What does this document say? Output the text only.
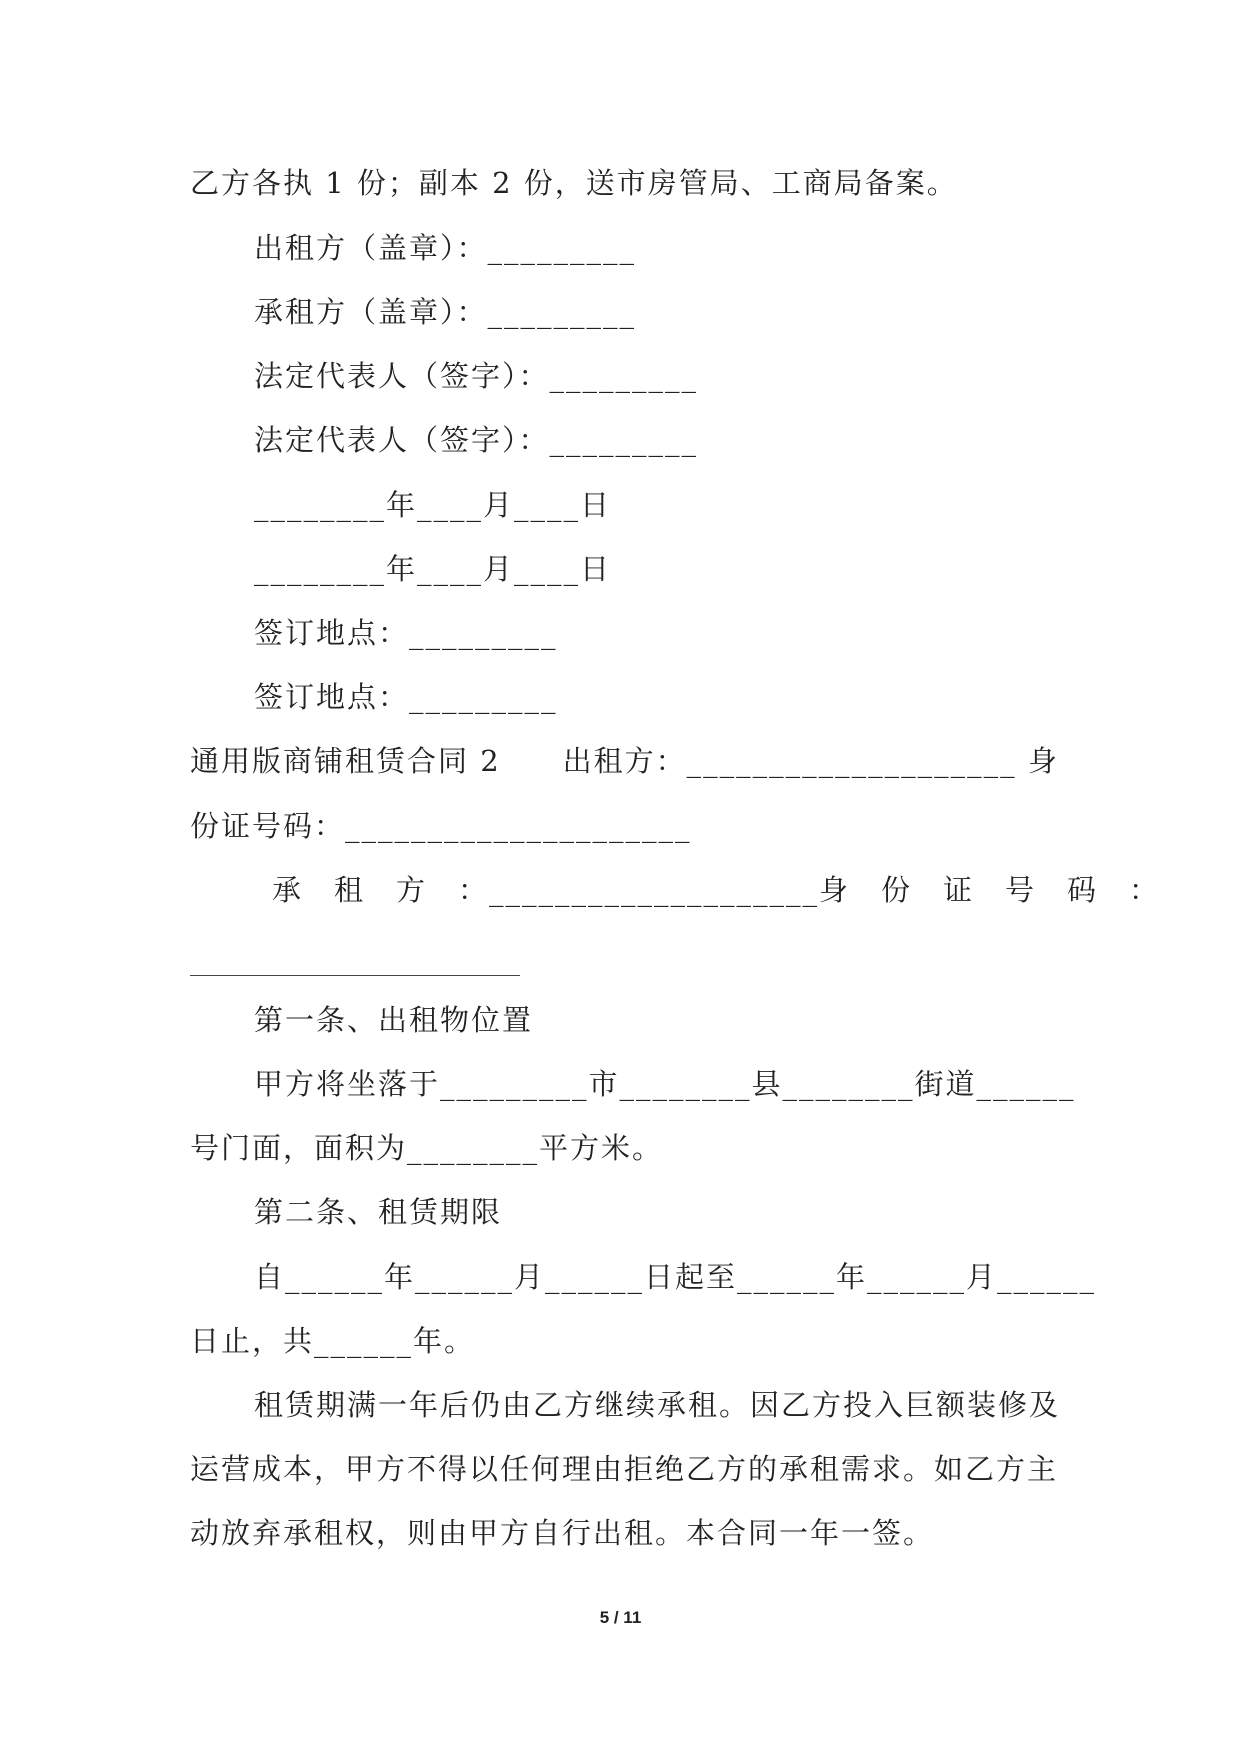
乙方各执 1 份；副本 2 份，送市房管局、工商局备案。
出租方（盖章）：_________
承租方（盖章）：_________
法定代表人（签字）：_________
法定代表人（签字）：_________
________年____月____日
________年____月____日
签订地点：_________
签订地点：_________
通用版商铺租赁合同 2　　出租方：____________________ 身
份证号码：_____________________
承　租　方　： ____________________ 身　份　证　号　码　：
第一条、出租物位置
甲方将坐落于_________市________县________街道______
号门面，面积为________平方米。
第二条、租赁期限
自______年______月______日起至______年______月______
日止，共______年。
租赁期满一年后仍由乙方继续承租。因乙方投入巨额装修及
运营成本，甲方不得以任何理由拒绝乙方的承租需求。如乙方主
动放弃承租权，则由甲方自行出租。本合同一年一签。
5 / 11
